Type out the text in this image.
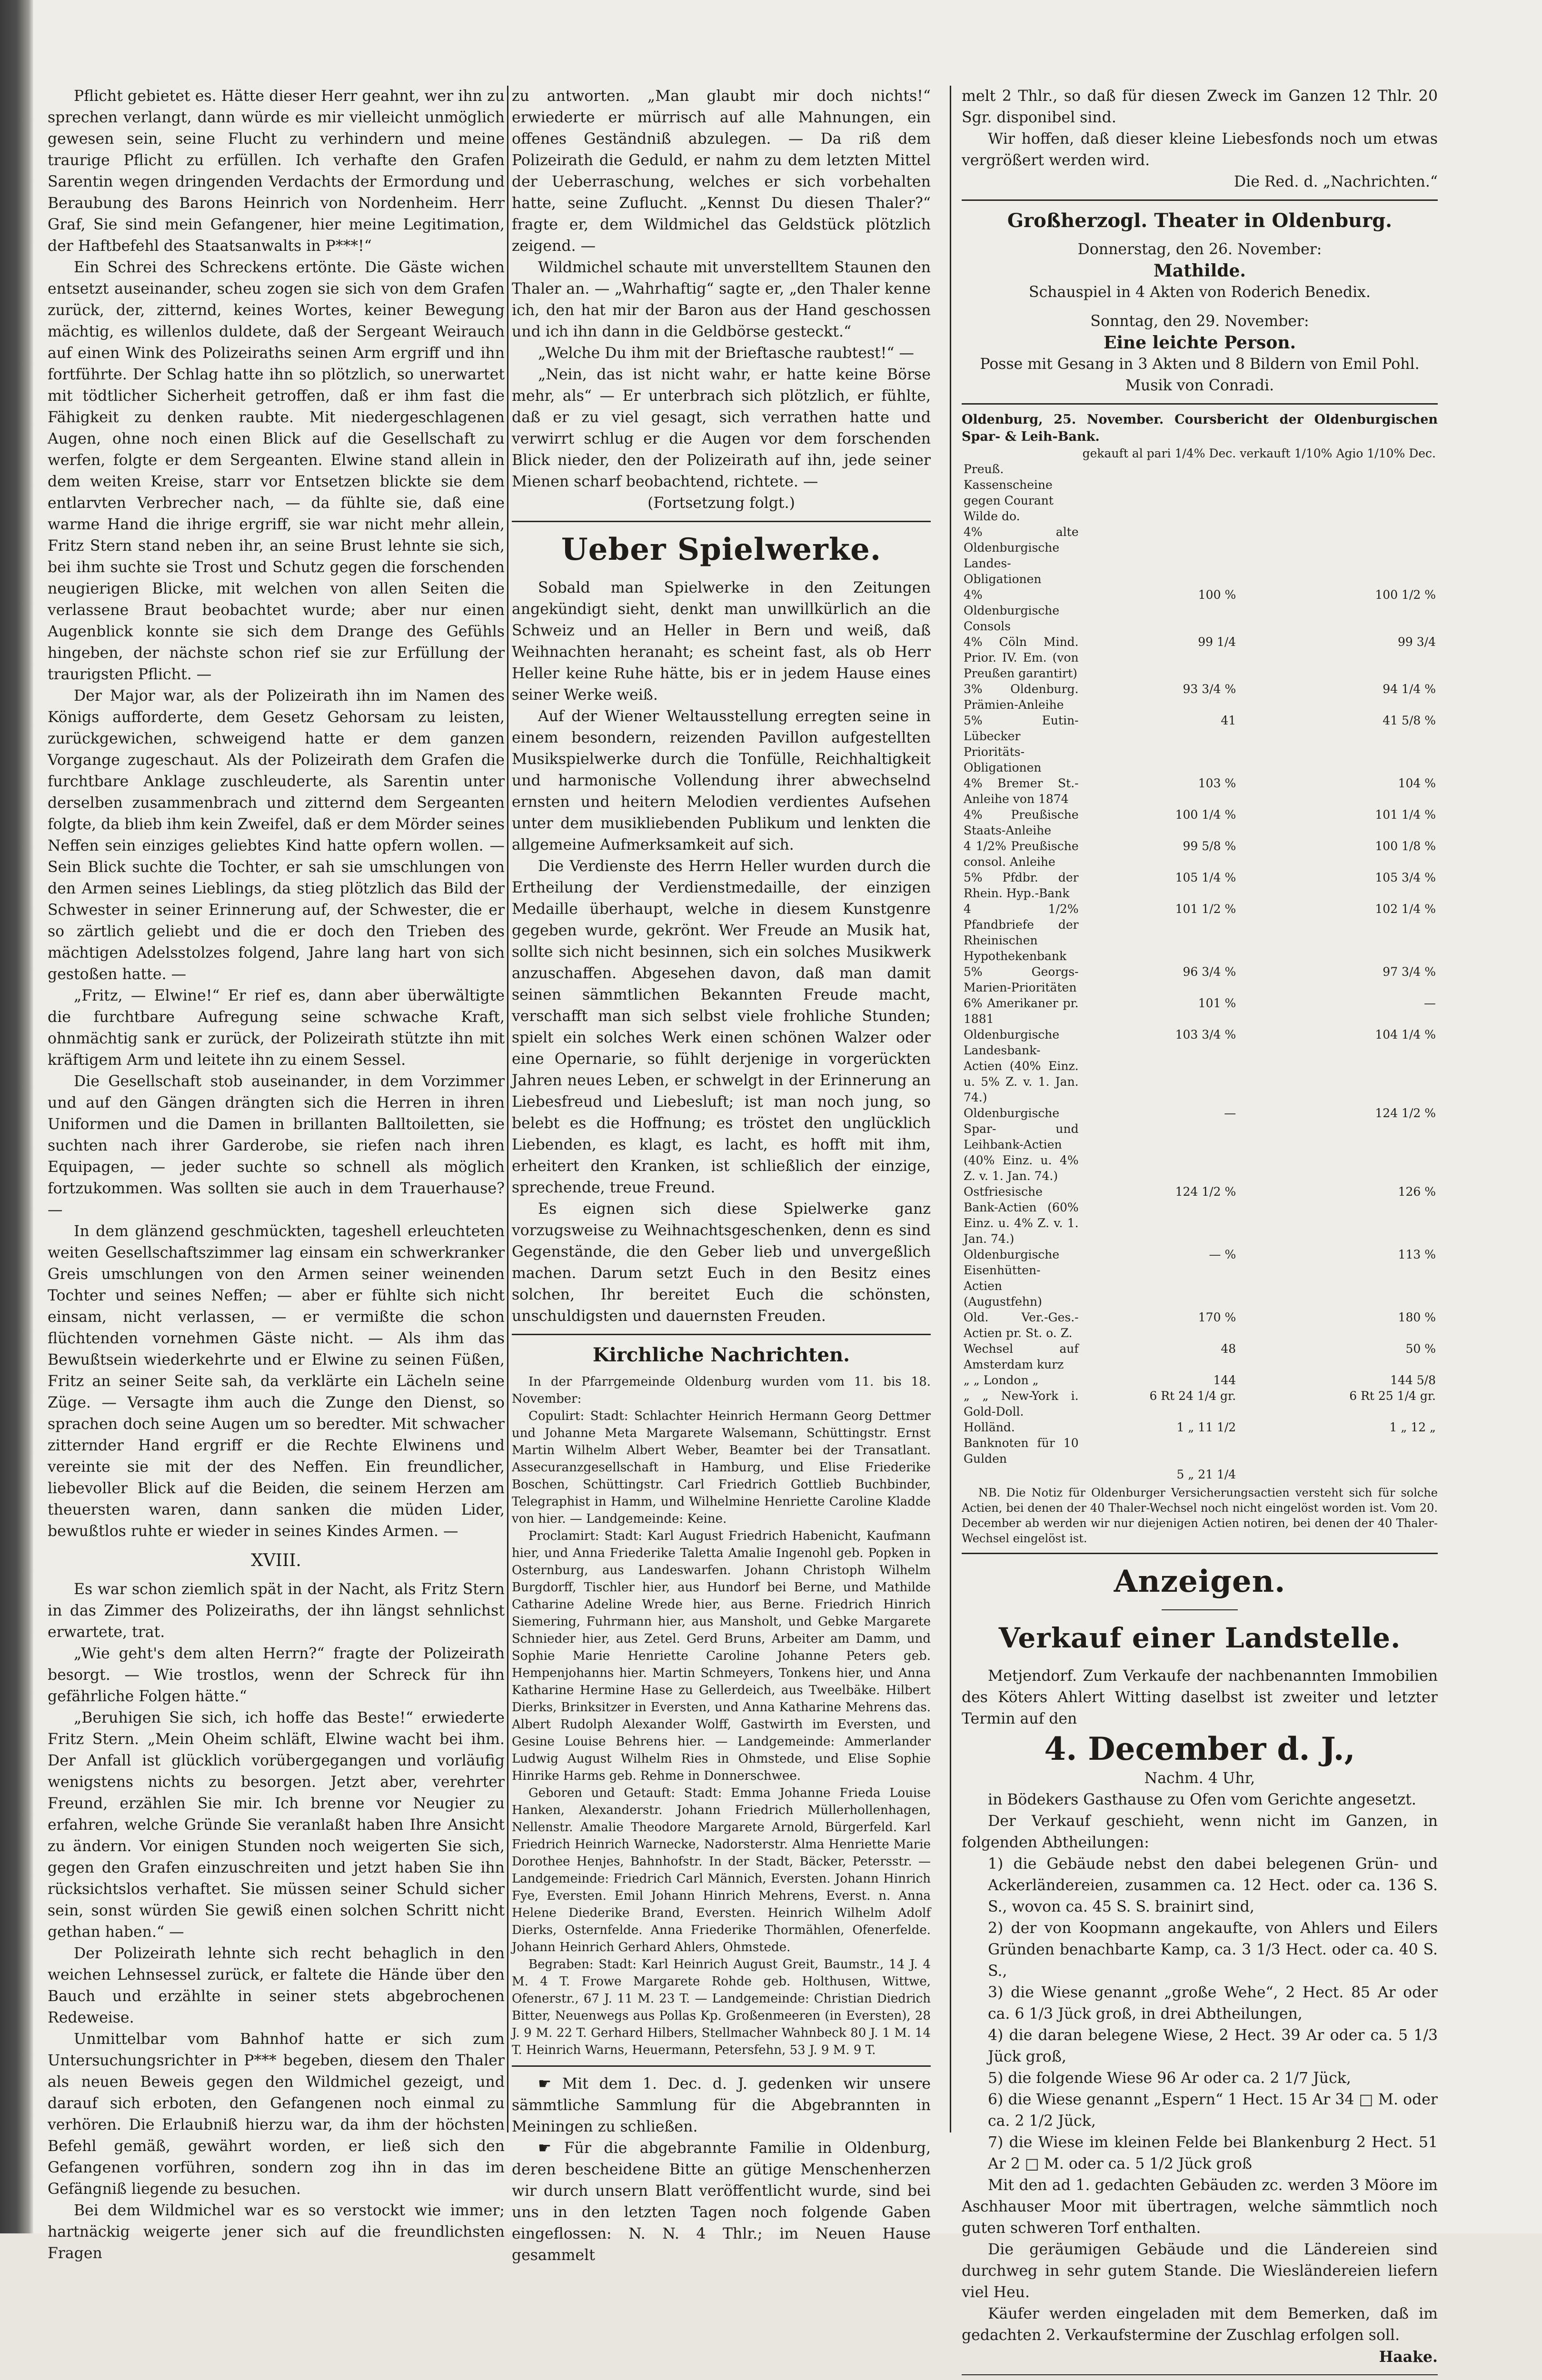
Pflicht gebietet es. Hätte dieser Herr geahnt, wer ihn zu sprechen verlangt, dann würde es mir vielleicht unmöglich gewesen sein, seine Flucht zu verhindern und meine traurige Pflicht zu erfüllen. Ich verhafte den Grafen Sarentin wegen dringenden Verdachts der Ermordung und Beraubung des Barons Heinrich von Nordenheim. Herr Graf, Sie sind mein Gefangener, hier meine Legitimation, der Haftbefehl des Staatsanwalts in P***!“

Ein Schrei des Schreckens ertönte. Die Gäste wichen entsetzt auseinander, scheu zogen sie sich von dem Grafen zurück, der, zitternd, keines Wortes, keiner Bewegung mächtig, es willenlos duldete, daß der Sergeant Weirauch auf einen Wink des Polizeiraths seinen Arm ergriff und ihn fortführte. Der Schlag hatte ihn so plötzlich, so unerwartet mit tödtlicher Sicherheit getroffen, daß er ihm fast die Fähigkeit zu denken raubte. Mit niedergeschlagenen Augen, ohne noch einen Blick auf die Gesellschaft zu werfen, folgte er dem Sergeanten. Elwine stand allein in dem weiten Kreise, starr vor Entsetzen blickte sie dem entlarvten Verbrecher nach, — da fühlte sie, daß eine warme Hand die ihrige ergriff, sie war nicht mehr allein, Fritz Stern stand neben ihr, an seine Brust lehnte sie sich, bei ihm suchte sie Trost und Schutz gegen die forschenden neugierigen Blicke, mit welchen von allen Seiten die verlassene Braut beobachtet wurde; aber nur einen Augenblick konnte sie sich dem Drange des Gefühls hingeben, der nächste schon rief sie zur Erfüllung der traurigsten Pflicht. —

Der Major war, als der Polizeirath ihn im Namen des Königs aufforderte, dem Gesetz Gehorsam zu leisten, zurückgewichen, schweigend hatte er dem ganzen Vorgange zugeschaut. Als der Polizeirath dem Grafen die furchtbare Anklage zuschleuderte, als Sarentin unter derselben zusammenbrach und zitternd dem Sergeanten folgte, da blieb ihm kein Zweifel, daß er dem Mörder seines Neffen sein einziges geliebtes Kind hatte opfern wollen. — Sein Blick suchte die Tochter, er sah sie umschlungen von den Armen seines Lieblings, da stieg plötzlich das Bild der Schwester in seiner Erinnerung auf, der Schwester, die er so zärtlich geliebt und die er doch den Trieben des mächtigen Adelsstolzes folgend, Jahre lang hart von sich gestoßen hatte. —

„Fritz, — Elwine!“ Er rief es, dann aber überwältigte die furchtbare Aufregung seine schwache Kraft, ohnmächtig sank er zurück, der Polizeirath stützte ihn mit kräftigem Arm und leitete ihn zu einem Sessel.

Die Gesellschaft stob auseinander, in dem Vorzimmer und auf den Gängen drängten sich die Herren in ihren Uniformen und die Damen in brillanten Balltoiletten, sie suchten nach ihrer Garderobe, sie riefen nach ihren Equipagen, — jeder suchte so schnell als möglich fortzukommen. Was sollten sie auch in dem Trauerhause? —

In dem glänzend geschmückten, tageshell erleuchteten weiten Gesellschaftszimmer lag einsam ein schwerkranker Greis umschlungen von den Armen seiner weinenden Tochter und seines Neffen; — aber er fühlte sich nicht einsam, nicht verlassen, — er vermißte die schon flüchtenden vornehmen Gäste nicht. — Als ihm das Bewußtsein wiederkehrte und er Elwine zu seinen Füßen, Fritz an seiner Seite sah, da verklärte ein Lächeln seine Züge. — Versagte ihm auch die Zunge den Dienst, so sprachen doch seine Augen um so beredter. Mit schwacher zitternder Hand ergriff er die Rechte Elwinens und vereinte sie mit der des Neffen. Ein freundlicher, liebevoller Blick auf die Beiden, die seinem Herzen am theuersten waren, dann sanken die müden Lider, bewußtlos ruhte er wieder in seines Kindes Armen. —

XVIII.

Es war schon ziemlich spät in der Nacht, als Fritz Stern in das Zimmer des Polizeiraths, der ihn längst sehnlichst erwartete, trat.

„Wie geht's dem alten Herrn?“ fragte der Polizeirath besorgt. — Wie trostlos, wenn der Schreck für ihn gefährliche Folgen hätte.“

„Beruhigen Sie sich, ich hoffe das Beste!“ erwiederte Fritz Stern. „Mein Oheim schläft, Elwine wacht bei ihm. Der Anfall ist glücklich vorübergegangen und vorläufig wenigstens nichts zu besorgen. Jetzt aber, verehrter Freund, erzählen Sie mir. Ich brenne vor Neugier zu erfahren, welche Gründe Sie veranlaßt haben Ihre Ansicht zu ändern. Vor einigen Stunden noch weigerten Sie sich, gegen den Grafen einzuschreiten und jetzt haben Sie ihn rücksichtslos verhaftet. Sie müssen seiner Schuld sicher sein, sonst würden Sie gewiß einen solchen Schritt nicht gethan haben.“ —

Der Polizeirath lehnte sich recht behaglich in den weichen Lehnsessel zurück, er faltete die Hände über den Bauch und erzählte in seiner stets abgebrochenen Redeweise.

Unmittelbar vom Bahnhof hatte er sich zum Untersuchungsrichter in P*** begeben, diesem den Thaler als neuen Beweis gegen den Wildmichel gezeigt, und darauf sich erboten, den Gefangenen noch einmal zu verhören. Die Erlaubniß hierzu war, da ihm der höchsten Befehl gemäß, gewährt worden, er ließ sich den Gefangenen vorführen, sondern zog ihn in das im Gefängniß liegende zu besuchen.

Bei dem Wildmichel war es so verstockt wie immer; hartnäckig weigerte jener sich auf die freundlichsten Fragen

zu antworten. „Man glaubt mir doch nichts!“ erwiederte er mürrisch auf alle Mahnungen, ein offenes Geständniß abzulegen. — Da riß dem Polizeirath die Geduld, er nahm zu dem letzten Mittel der Ueberraschung, welches er sich vorbehalten hatte, seine Zuflucht. „Kennst Du diesen Thaler?“ fragte er, dem Wildmichel das Geldstück plötzlich zeigend. —

Wildmichel schaute mit unverstelltem Staunen den Thaler an. — „Wahrhaftig“ sagte er, „den Thaler kenne ich, den hat mir der Baron aus der Hand geschossen und ich ihn dann in die Geldbörse gesteckt.“

„Welche Du ihm mit der Brieftasche raubtest!“ —

„Nein, das ist nicht wahr, er hatte keine Börse mehr, als“ — Er unterbrach sich plötzlich, er fühlte, daß er zu viel gesagt, sich verrathen hatte und verwirrt schlug er die Augen vor dem forschenden Blick nieder, den der Polizeirath auf ihn, jede seiner Mienen scharf beobachtend, richtete. —

(Fortsetzung folgt.)

Ueber Spielwerke.

Sobald man Spielwerke in den Zeitungen angekündigt sieht, denkt man unwillkürlich an die Schweiz und an Heller in Bern und weiß, daß Weihnachten heranaht; es scheint fast, als ob Herr Heller keine Ruhe hätte, bis er in jedem Hause eines seiner Werke weiß.

Auf der Wiener Weltausstellung erregten seine in einem besondern, reizenden Pavillon aufgestellten Musikspielwerke durch die Tonfülle, Reichhaltigkeit und harmonische Vollendung ihrer abwechselnd ernsten und heitern Melodien verdientes Aufsehen unter dem musikliebenden Publikum und lenkten die allgemeine Aufmerksamkeit auf sich.

Die Verdienste des Herrn Heller wurden durch die Ertheilung der Verdienstmedaille, der einzigen Medaille überhaupt, welche in diesem Kunstgenre gegeben wurde, gekrönt. Wer Freude an Musik hat, sollte sich nicht besinnen, sich ein solches Musikwerk anzuschaffen. Abgesehen davon, daß man damit seinen sämmtlichen Bekannten Freude macht, verschafft man sich selbst viele frohliche Stunden; spielt ein solches Werk einen schönen Walzer oder eine Opernarie, so fühlt derjenige in vorgerückten Jahren neues Leben, er schwelgt in der Erinnerung an Liebesfreud und Liebesluft; ist man noch jung, so belebt es die Hoffnung; es tröstet den unglücklich Liebenden, es klagt, es lacht, es hofft mit ihm, erheitert den Kranken, ist schließlich der einzige, sprechende, treue Freund.

Es eignen sich diese Spielwerke ganz vorzugsweise zu Weihnachtsgeschenken, denn es sind Gegenstände, die den Geber lieb und unvergeßlich machen. Darum setzt Euch in den Besitz eines solchen, Ihr bereitet Euch die schönsten, unschuldigsten und dauernsten Freuden.

Kirchliche Nachrichten.

In der Pfarrgemeinde Oldenburg wurden vom 11. bis 18. November:

Copulirt: Stadt: Schlachter Heinrich Hermann Georg Dettmer und Johanne Meta Margarete Walsemann, Schüttingstr. Ernst Martin Wilhelm Albert Weber, Beamter bei der Transatlant. Assecuranzgesellschaft in Hamburg, und Elise Friederike Boschen, Schüttingstr. Carl Friedrich Gottlieb Buchbinder, Telegraphist in Hamm, und Wilhelmine Henriette Caroline Kladde von hier. — Landgemeinde: Keine.

Proclamirt: Stadt: Karl August Friedrich Habenicht, Kaufmann hier, und Anna Friederike Taletta Amalie Ingenohl geb. Popken in Osternburg, aus Landeswarfen. Johann Christoph Wilhelm Burgdorff, Tischler hier, aus Hundorf bei Berne, und Mathilde Catharine Adeline Wrede hier, aus Berne. Friedrich Hinrich Siemering, Fuhrmann hier, aus Mansholt, und Gebke Margarete Schnieder hier, aus Zetel. Gerd Bruns, Arbeiter am Damm, und Sophie Marie Henriette Caroline Johanne Peters geb. Hempenjohanns hier. Martin Schmeyers, Tonkens hier, und Anna Katharine Hermine Hase zu Gellerdeich, aus Tweelbäke. Hilbert Dierks, Brinksitzer in Eversten, und Anna Katharine Mehrens das. Albert Rudolph Alexander Wolff, Gastwirth im Eversten, und Gesine Louise Behrens hier. — Landgemeinde: Ammerlander Ludwig August Wilhelm Ries in Ohmstede, und Elise Sophie Hinrike Harms geb. Rehme in Donnerschwee.

Geboren und Getauft: Stadt: Emma Johanne Frieda Louise Hanken, Alexanderstr. Johann Friedrich Müllerhollenhagen, Nellenstr. Amalie Theodore Margarete Arnold, Bürgerfeld. Karl Friedrich Heinrich Warnecke, Nadorsterstr. Alma Henriette Marie Dorothee Henjes, Bahnhofstr. In der Stadt, Bäcker, Petersstr. — Landgemeinde: Friedrich Carl Männich, Eversten. Johann Hinrich Fye, Eversten. Emil Johann Hinrich Mehrens, Everst. n. Anna Helene Diederike Brand, Eversten. Heinrich Wilhelm Adolf Dierks, Osternfelde. Anna Friederike Thormählen, Ofenerfelde. Johann Heinrich Gerhard Ahlers, Ohmstede.

Begraben: Stadt: Karl Heinrich August Greit, Baumstr., 14 J. 4 M. 4 T. Frowe Margarete Rohde geb. Holthusen, Wittwe, Ofenerstr., 67 J. 11 M. 23 T. — Landgemeinde: Christian Diedrich Bitter, Neuenwegs aus Pollas Kp. Großenmeeren (in Eversten), 28 J. 9 M. 22 T. Gerhard Hilbers, Stellmacher Wahnbeck 80 J. 1 M. 14 T. Heinrich Warns, Heuermann, Petersfehn, 53 J. 9 M. 9 T.

☛ Mit dem 1. Dec. d. J. gedenken wir unsere sämmtliche Sammlung für die Abgebrannten in Meiningen zu schließen.

☛ Für die abgebrannte Familie in Oldenburg, deren bescheidene Bitte an gütige Menschenherzen wir durch unsern Blatt veröffentlicht wurde, sind bei uns in den letzten Tagen noch folgende Gaben eingeflossen: N. N. 4 Thlr.; im Neuen Hause gesammelt

melt 2 Thlr., so daß für diesen Zweck im Ganzen 12 Thlr. 20 Sgr. disponibel sind.

Wir hoffen, daß dieser kleine Liebesfonds noch um etwas vergrößert werden wird.

Die Red. d. „Nachrichten.“

Großherzogl. Theater in Oldenburg.

Donnerstag, den 26. November:

Mathilde.

Schauspiel in 4 Akten von Roderich Benedix.

Sonntag, den 29. November:

Eine leichte Person.

Posse mit Gesang in 3 Akten und 8 Bildern von Emil Pohl. Musik von Conradi.

Oldenburg, 25. November. Coursbericht der Oldenburgischen Spar- & Leih-Bank.

	gekauft al pari 1/4% Dec.	verkauft 1/10% Agio 1/10% Dec.
Preuß. Kassenscheine gegen Courant		
Wilde do.		
4% alte Oldenburgische Landes-Obligationen		
4% Oldenburgische Consols	100 %	100 1/2 %
4% Cöln Mind. Prior. IV. Em. (von Preußen garantirt)	99 1/4	99 3/4
3% Oldenburg. Prämien-Anleihe	93 3/4 %	94 1/4 %
5% Eutin-Lübecker Prioritäts-Obligationen	41	41 5/8 %
4% Bremer St.-Anleihe von 1874	103 %	104 %
4% Preußische Staats-Anleihe	100 1/4 %	101 1/4 %
4 1/2% Preußische consol. Anleihe	99 5/8 %	100 1/8 %
5% Pfdbr. der Rhein. Hyp.-Bank	105 1/4 %	105 3/4 %
4 1/2% Pfandbriefe der Rheinischen Hypothekenbank	101 1/2 %	102 1/4 %
5% Georgs-Marien-Prioritäten	96 3/4 %	97 3/4 %
6% Amerikaner pr. 1881	101 %	—
Oldenburgische Landesbank-Actien (40% Einz. u. 5% Z. v. 1. Jan. 74.)	103 3/4 %	104 1/4 %
Oldenburgische Spar- und Leihbank-Actien (40% Einz. u. 4% Z. v. 1. Jan. 74.)	—	124 1/2 %
Ostfriesische Bank-Actien (60% Einz. u. 4% Z. v. 1. Jan. 74.)	124 1/2 %	126 %
Oldenburgische Eisenhütten-Actien (Augustfehn)	— %	113 %
Old. Ver.-Ges.-Actien pr. St. o. Z.	170 %	180 %
Wechsel auf Amsterdam kurz	48	50 %
„ „ London „	144	144 5/8
„ „ New-York i. Gold-Doll.	6 Rt 24 1/4 gr.	6 Rt 25 1/4 gr.
Holländ. Banknoten für 10 Gulden	1 „ 11 1/2	1 „ 12 „
	5 „ 21 1/4	

NB. Die Notiz für Oldenburger Versicherungsactien versteht sich für solche Actien, bei denen der 40 Thaler-Wechsel noch nicht eingelöst worden ist. Vom 20. December ab werden wir nur diejenigen Actien notiren, bei denen der 40 Thaler-Wechsel eingelöst ist.

Anzeigen.
Verkauf einer Landstelle.

Metjendorf. Zum Verkaufe der nachbenannten Immobilien des Köters Ahlert Witting daselbst ist zweiter und letzter Termin auf den

4. December d. J.,

Nachm. 4 Uhr,

in Bödekers Gasthause zu Ofen vom Gerichte angesetzt.

Der Verkauf geschieht, wenn nicht im Ganzen, in folgenden Abtheilungen:

1) die Gebäude nebst den dabei belegenen Grün- und Ackerländereien, zusammen ca. 12 Hect. oder ca. 136 S. S., wovon ca. 45 S. S. brainirt sind,

2) der von Koopmann angekaufte, von Ahlers und Eilers Gründen benachbarte Kamp, ca. 3 1/3 Hect. oder ca. 40 S. S.,

3) die Wiese genannt „große Wehe“, 2 Hect. 85 Ar oder ca. 6 1/3 Jück groß, in drei Abtheilungen,

4) die daran belegene Wiese, 2 Hect. 39 Ar oder ca. 5 1/3 Jück groß,

5) die folgende Wiese 96 Ar oder ca. 2 1/7 Jück,

6) die Wiese genannt „Espern“ 1 Hect. 15 Ar 34 □ M. oder ca. 2 1/2 Jück,

7) die Wiese im kleinen Felde bei Blankenburg 2 Hect. 51 Ar 2 □ M. oder ca. 5 1/2 Jück groß

Mit den ad 1. gedachten Gebäuden zc. werden 3 Möore im Aschhauser Moor mit übertragen, welche sämmtlich noch guten schweren Torf enthalten.

Die geräumigen Gebäude und die Ländereien sind durchweg in sehr gutem Stande. Die Wiesländereien liefern viel Heu.

Käufer werden eingeladen mit dem Bemerken, daß im gedachten 2. Verkaufstermine der Zuschlag erfolgen soll.

Haake.
